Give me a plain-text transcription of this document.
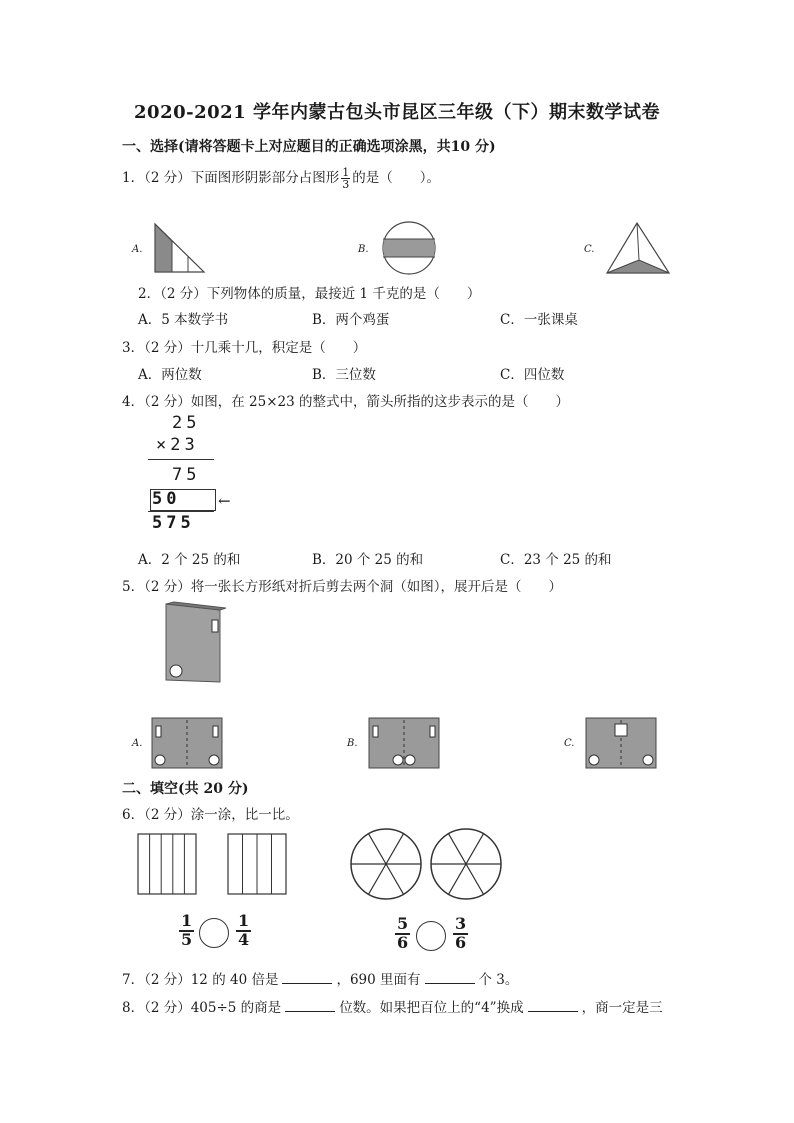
2020-2021 学年内蒙古包头市昆区三年级（下）期末数学试卷
一、选择(请将答题卡上对应题目的正确选项涂黑，共10 分)
1．（2 分）下面图形阴影部分占图形 $\frac{1}{3}$ 的是（　　）。
A.	B.	C.
2．（2 分）下列物体的质量，最接近 1 千克的是（　　）
A．5 本数学书	B．两个鸡蛋	C．一张课桌
3．（2 分）十几乘十几，积定是（　　）
A．两位数	B．三位数	C．四位数
4．（2 分）如图，在 25×23 的整式中，箭头所指的这步表示的是（　　）
25
×23
75
50	←
575
A．2 个 25 的和	B．20 个 25 的和	C．23 个 25 的和
5．（2 分）将一张长方形纸对折后剪去两个洞（如图），展开后是（　　）
A.	B.	C.
二、填空(共 20 分)
6．（2 分）涂一涂，比一比。
$\frac{1}{5}$	$\frac{1}{4}$	$\frac{5}{6}$	$\frac{3}{6}$
7．（2 分）12 的 40 倍是	，690 里面有	个 3。
8．（2 分）405÷5 的商是	位数。如果把百位上的“4”换成	，商一定是三
